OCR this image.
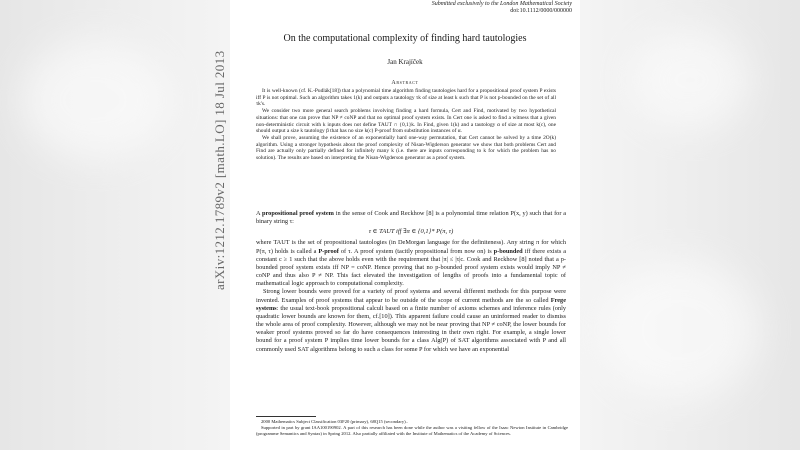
Submitted exclusively to the London Mathematical Society
doi:10.1112/0000/000000
On the computational complexity of finding hard tautologies
Jan Krajíček
Abstract

It is well-known (cf. K.-Pudlák[18]) that a polynomial time algorithm finding tautologies hard for a propositional proof system P exists iff P is not optimal. Such an algorithm takes 1(k) and outputs a tautology τk of size at least k such that P is not p-bounded on the set of all τk's.

We consider two more general search problems involving finding a hard formula, Cert and Find, motivated by two hypothetical situations: that one can prove that NP ≠ coNP and that no optimal proof system exists. In Cert one is asked to find a witness that a given non-deterministic circuit with k inputs does not define TAUT ∩ {0,1}k. In Find, given 1(k) and a tautology α of size at most k(c), one should output a size k tautology β that has no size k(c) P-proof from substitution instances of α.

We shall prove, assuming the existence of an exponentially hard one-way permutation, that Cert cannot be solved by a time 2O(k) algorithm. Using a stronger hypothesis about the proof complexity of Nisan-Wigderson generator we show that both problems Cert and Find are actually only partially defined for infinitely many k (i.e. there are inputs corresponding to k for which the problem has no solution). The results are based on interpreting the Nisan-Wigderson generator as a proof system.

A propositional proof system in the sense of Cook and Reckhow [8] is a polynomial time relation P(x, y) such that for a binary string τ:

τ ∈ TAUT iff ∃π ∈ {0,1}* P(π, τ)

where TAUT is the set of propositional tautologies (in DeMorgan language for the definiteness). Any string π for which P(π, τ) holds is called a P-proof of τ. A proof system (tacitly propositional from now on) is p-bounded iff there exists a constant c ≥ 1 such that the above holds even with the requirement that |π| ≤ |τ|c. Cook and Reckhow [8] noted that a p-bounded proof system exists iff NP = coNP. Hence proving that no p-bounded proof system exists would imply NP ≠ coNP and thus also P ≠ NP. This fact elevated the investigation of lengths of proofs into a fundamental topic of mathematical logic approach to computational complexity.

Strong lower bounds were proved for a variety of proof systems and several different methods for this purpose were invented. Examples of proof systems that appear to be outside of the scope of current methods are the so called Frege systems: the usual text-book propositional calculi based on a finite number of axioms schemes and inference rules (only quadratic lower bounds are known for them, cf.[10]). This apparent failure could cause an uninformed reader to dismiss the whole area of proof complexity. However, although we may not be near proving that NP ≠ coNP, the lower bounds for weaker proof systems proved so far do have consequences interesting in their own right. For example, a single lower bound for a proof system P implies time lower bounds for a class Alg(P) of SAT algorithms associated with P and all commonly used SAT algorithms belong to such a class for some P for which we have an exponential

2000 Mathematics Subject Classification 03F20 (primary), 68Q15 (secondary)..

Supported in part by grant IAA100190902. A part of this research has been done while the author was a visiting fellow of the Isaac Newton Institute in Cambridge (programme Semantics and Syntax) in Spring 2012. Also partially affiliated with the Institute of Mathematics of the Academy of Sciences.

arXiv:1212.1789v2 [math.LO] 18 Jul 2013
